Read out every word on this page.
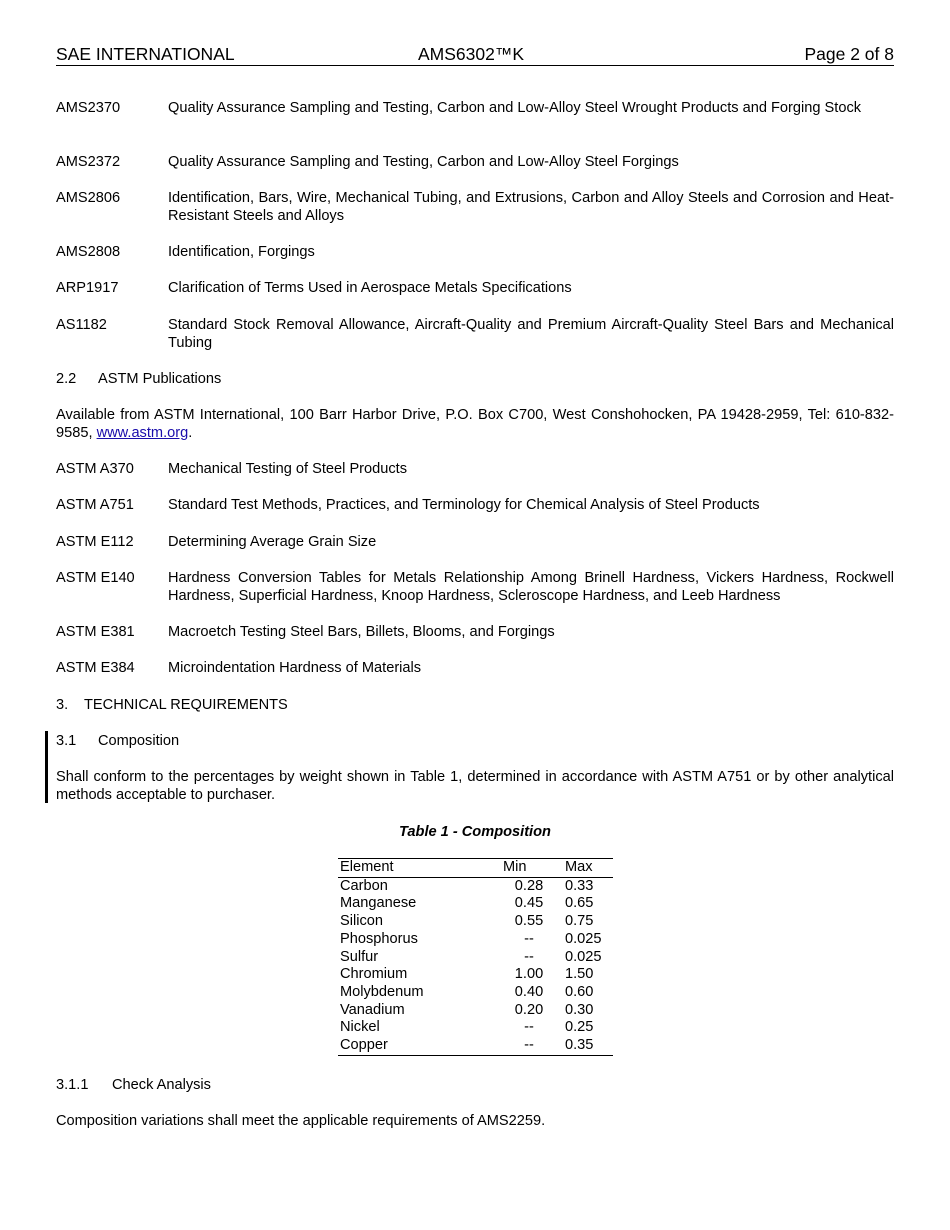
SAE INTERNATIONAL	AMS6302™K	Page 2 of 8
AMS2370	Quality Assurance Sampling and Testing, Carbon and Low-Alloy Steel Wrought Products and Forging Stock
AMS2372	Quality Assurance Sampling and Testing, Carbon and Low-Alloy Steel Forgings
AMS2806	Identification, Bars, Wire, Mechanical Tubing, and Extrusions, Carbon and Alloy Steels and Corrosion and Heat-Resistant Steels and Alloys
AMS2808	Identification, Forgings
ARP1917	Clarification of Terms Used in Aerospace Metals Specifications
AS1182	Standard Stock Removal Allowance, Aircraft-Quality and Premium Aircraft-Quality Steel Bars and Mechanical Tubing
2.2 ASTM Publications
Available from ASTM International, 100 Barr Harbor Drive, P.O. Box C700, West Conshohocken, PA 19428-2959, Tel: 610-832-9585, www.astm.org.
ASTM A370	Mechanical Testing of Steel Products
ASTM A751	Standard Test Methods, Practices, and Terminology for Chemical Analysis of Steel Products
ASTM E112	Determining Average Grain Size
ASTM E140	Hardness Conversion Tables for Metals Relationship Among Brinell Hardness, Vickers Hardness, Rockwell Hardness, Superficial Hardness, Knoop Hardness, Scleroscope Hardness, and Leeb Hardness
ASTM E381	Macroetch Testing Steel Bars, Billets, Blooms, and Forgings
ASTM E384	Microindentation Hardness of Materials
3. TECHNICAL REQUIREMENTS
3.1 Composition
Shall conform to the percentages by weight shown in Table 1, determined in accordance with ASTM A751 or by other analytical methods acceptable to purchaser.
Table 1 - Composition
Element	Min	Max
Carbon	0.28	0.33
Manganese	0.45	0.65
Silicon	0.55	0.75
Phosphorus	--	0.025
Sulfur	--	0.025
Chromium	1.00	1.50
Molybdenum	0.40	0.60
Vanadium	0.20	0.30
Nickel	--	0.25
Copper	--	0.35
3.1.1 Check Analysis
Composition variations shall meet the applicable requirements of AMS2259.
